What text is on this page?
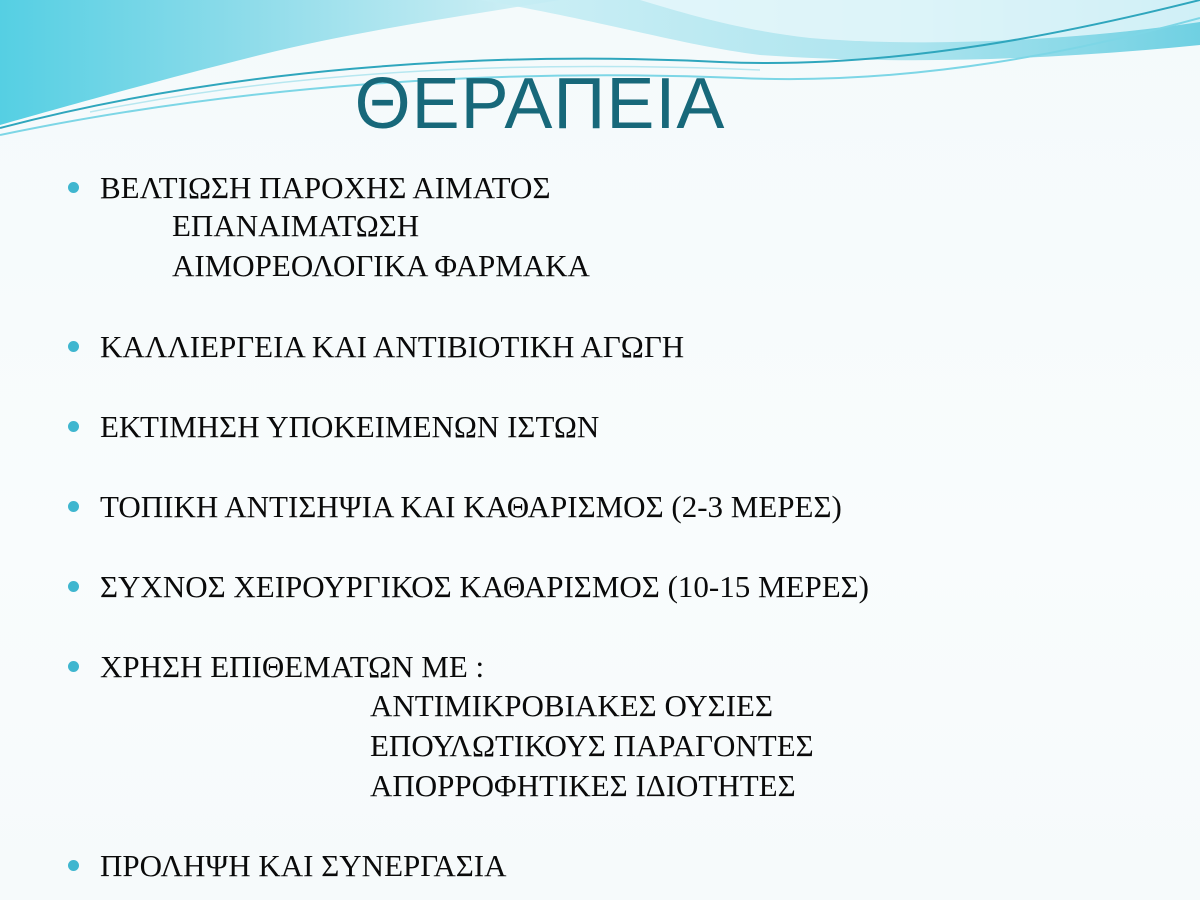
ΘΕΡΑΠΕΙΑ
ΒΕΛΤΙΩΣΗ ΠΑΡΟΧΗΣ ΑΙΜΑΤΟΣ
ΕΠΑΝΑΙΜΑΤΩΣΗ
ΑΙΜΟΡΕΟΛΟΓΙΚΑ ΦΑΡΜΑΚΑ
ΚΑΛΛΙΕΡΓΕΙΑ ΚΑΙ ΑΝΤΙΒΙΟΤΙΚΗ ΑΓΩΓΗ
ΕΚΤΙΜΗΣΗ ΥΠΟΚΕΙΜΕΝΩΝ ΙΣΤΩΝ
ΤΟΠΙΚΗ ΑΝΤΙΣΗΨΙΑ ΚΑΙ ΚΑΘΑΡΙΣΜΟΣ (2-3 ΜΕΡΕΣ)
ΣΥΧΝΟΣ ΧΕΙΡΟΥΡΓΙΚΟΣ ΚΑΘΑΡΙΣΜΟΣ (10-15 ΜΕΡΕΣ)
ΧΡΗΣΗ ΕΠΙΘΕΜΑΤΩΝ ΜΕ :
ΑΝΤΙΜΙΚΡΟΒΙΑΚΕΣ ΟΥΣΙΕΣ
ΕΠΟΥΛΩΤΙΚΟΥΣ ΠΑΡΑΓΟΝΤΕΣ
ΑΠΟΡΡΟΦΗΤΙΚΕΣ ΙΔΙΟΤΗΤΕΣ
ΠΡΟΛΗΨΗ ΚΑΙ ΣΥΝΕΡΓΑΣΙΑ
